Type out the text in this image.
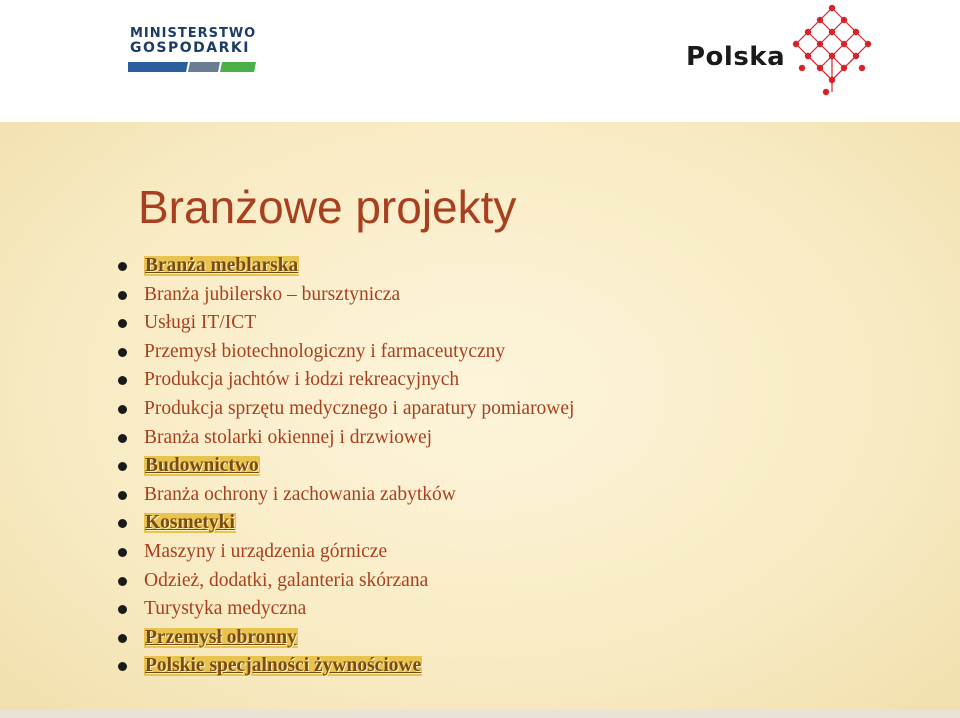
MINISTERSTWO
GOSPODARKI	Polska
Branżowe projekty
Branża meblarska
Branża jubilersko – bursztynicza
Usługi IT/ICT
Przemysł biotechnologiczny i farmaceutyczny
Produkcja jachtów i łodzi rekreacyjnych
Produkcja sprzętu medycznego i aparatury pomiarowej
Branża stolarki okiennej i drzwiowej
Budownictwo
Branża ochrony i zachowania zabytków
Kosmetyki
Maszyny i urządzenia górnicze
Odzież, dodatki, galanteria skórzana
Turystyka medyczna
Przemysł obronny
Polskie specjalności żywnościowe
